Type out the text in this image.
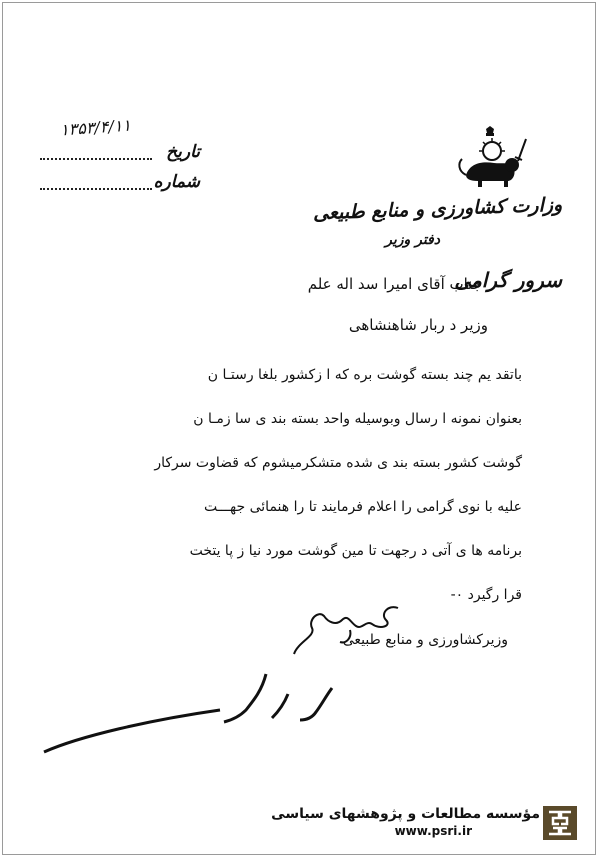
۱۳۵۳/۴/۱۱
تاریخ
شماره
وزارت کشاورزی و منابع طبیعی
دفتر وزیر
سرور گرامی
جناب آقای امیرا سد اله علم
وزیر د ربار شاهنشاهی
باتقد یم چند بسته گوشت بره که ا زکشور بلغا رستـا ن
بعنوان نمونه ا رسال وبوسیله واحد بسته بند ی سا زمـا ن
گوشت کشور بسته بند ی شده متشکرمیشوم که قضاوت سرکار
علیه با نوی گرامی را اعلام فرمایند تا را هنمائی جهـــت
برنامه ها ی آتی د رجهت تا مین گوشت مورد نیا ز پا یتخت
قرا رگیرد ٠-
وزیرکشاورزی و منابع طبیعی
مؤسسه مطالعات و پژوهشهای سیاسی
www.psri.ir
